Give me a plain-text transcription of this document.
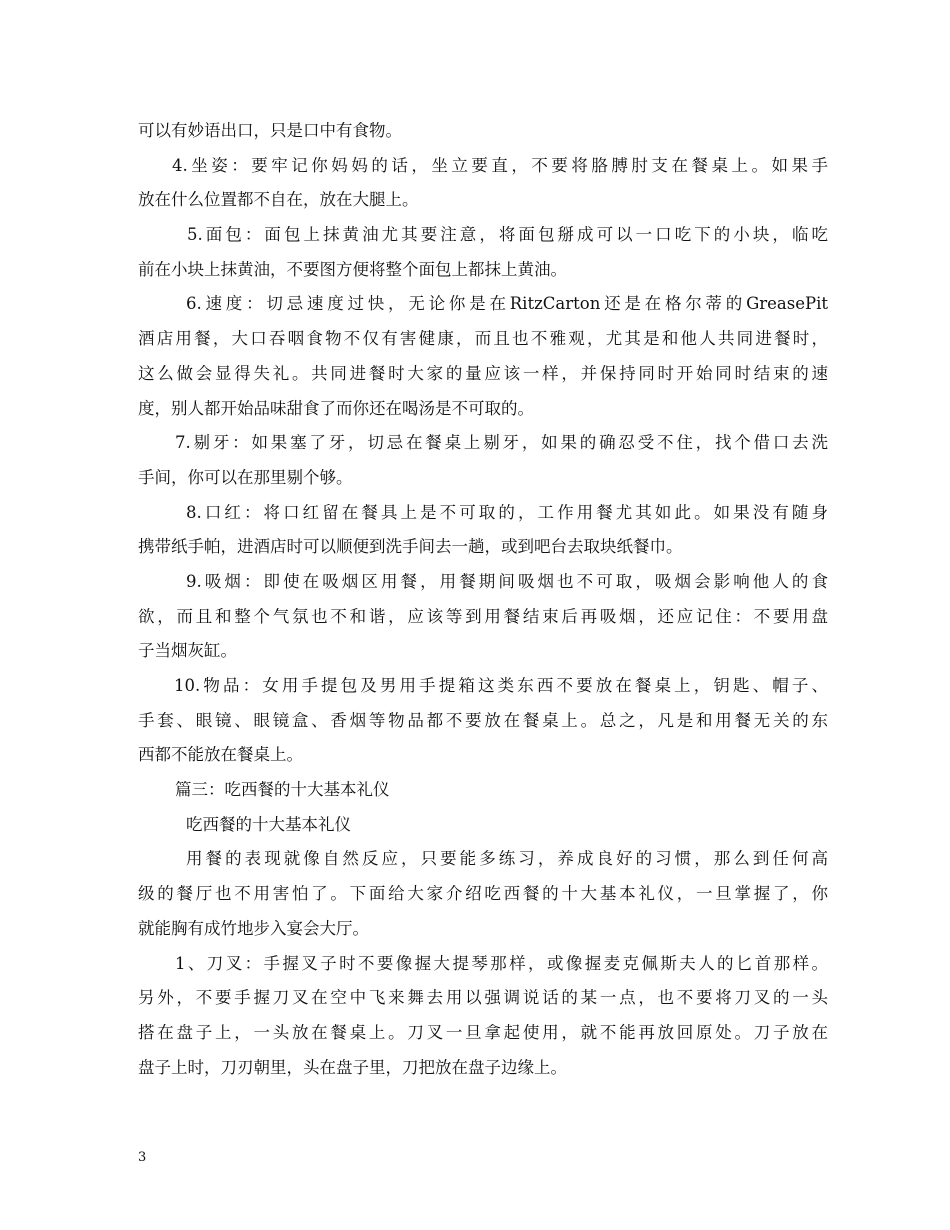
可以有妙语出口，只是口中有食物。
4.坐姿：要牢记你妈妈的话，坐立要直，不要将胳膊肘支在餐桌上。如果手
放在什么位置都不自在，放在大腿上。
5.面包：面包上抹黄油尤其要注意，将面包掰成可以一口吃下的小块，临吃
前在小块上抹黄油，不要图方便将整个面包上都抹上黄油。
6.速度：切忌速度过快，无论你是在RitzCarton还是在格尔蒂的GreasePit
酒店用餐，大口吞咽食物不仅有害健康，而且也不雅观，尤其是和他人共同进餐时，
这么做会显得失礼。共同进餐时大家的量应该一样，并保持同时开始同时结束的速
度，别人都开始品味甜食了而你还在喝汤是不可取的。
7.剔牙：如果塞了牙，切忌在餐桌上剔牙，如果的确忍受不住，找个借口去洗
手间，你可以在那里剔个够。
8.口红：将口红留在餐具上是不可取的，工作用餐尤其如此。如果没有随身
携带纸手帕，进酒店时可以顺便到洗手间去一趟，或到吧台去取块纸餐巾。
9.吸烟：即使在吸烟区用餐，用餐期间吸烟也不可取，吸烟会影响他人的食
欲，而且和整个气氛也不和谐，应该等到用餐结束后再吸烟，还应记住：不要用盘
子当烟灰缸。
10.物品：女用手提包及男用手提箱这类东西不要放在餐桌上，钥匙、帽子、
手套、眼镜、眼镜盒、香烟等物品都不要放在餐桌上。总之，凡是和用餐无关的东
西都不能放在餐桌上。
篇三：吃西餐的十大基本礼仪
吃西餐的十大基本礼仪
用餐的表现就像自然反应，只要能多练习，养成良好的习惯，那么到任何高
级的餐厅也不用害怕了。下面给大家介绍吃西餐的十大基本礼仪，一旦掌握了，你
就能胸有成竹地步入宴会大厅。
1、刀叉：手握叉子时不要像握大提琴那样，或像握麦克佩斯夫人的匕首那样。
另外，不要手握刀叉在空中飞来舞去用以强调说话的某一点，也不要将刀叉的一头
搭在盘子上，一头放在餐桌上。刀叉一旦拿起使用，就不能再放回原处。刀子放在
盘子上时，刀刃朝里，头在盘子里，刀把放在盘子边缘上。
3
